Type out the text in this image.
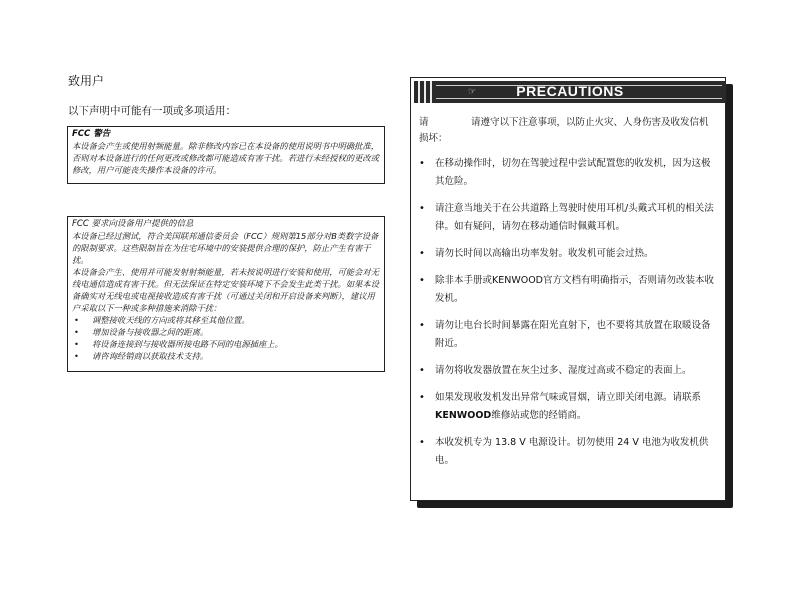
致用户
以下声明中可能有一项或多项适用：
FCC 警告
本设备会产生或使用射频能量。除非修改内容已在本设备的使用说明书中明确批准，否则对本设备进行的任何更改或修改都可能造成有害干扰。若进行未经授权的更改或修改，用户可能丧失操作本设备的许可。
FCC 要求向设备用户提供的信息
本设备已经过测试，符合美国联邦通信委员会（FCC）规则第15部分对B类数字设备的限制要求。这些限制旨在为住宅环境中的安装提供合理的保护，防止产生有害干扰。
本设备会产生、使用并可能发射射频能量，若未按说明进行安装和使用，可能会对无线电通信造成有害干扰。但无法保证在特定安装环境下不会发生此类干扰。如果本设备确实对无线电或电视接收造成有害干扰（可通过关闭和开启设备来判断），建议用户采取以下一种或多种措施来消除干扰：
• 调整接收天线的方向或将其移至其他位置。
• 增加设备与接收器之间的距离。
• 将设备连接到与接收器所接电路不同的电源插座上。
• 请咨询经销商以获取技术支持。
☞	PRECAUTIONS
请	请遵守以下注意事项，以防止火灾、人身伤害及收发信机损坏：
• 在移动操作时，切勿在驾驶过程中尝试配置您的收发机，因为这极其危险。
• 请注意当地关于在公共道路上驾驶时使用耳机/头戴式耳机的相关法律。如有疑问，请勿在移动通信时佩戴耳机。
• 请勿长时间以高输出功率发射。收发机可能会过热。
• 除非本手册或KENWOOD官方文档有明确指示，否则请勿改装本收发机。
• 请勿让电台长时间暴露在阳光直射下，也不要将其放置在取暖设备附近。
• 请勿将收发器放置在灰尘过多、湿度过高或不稳定的表面上。
• 如果发现收发机发出异常气味或冒烟，请立即关闭电源。请联系KENWOOD维修站或您的经销商。
• 本收发机专为 13.8 V 电源设计。切勿使用 24 V 电池为收发机供电。
